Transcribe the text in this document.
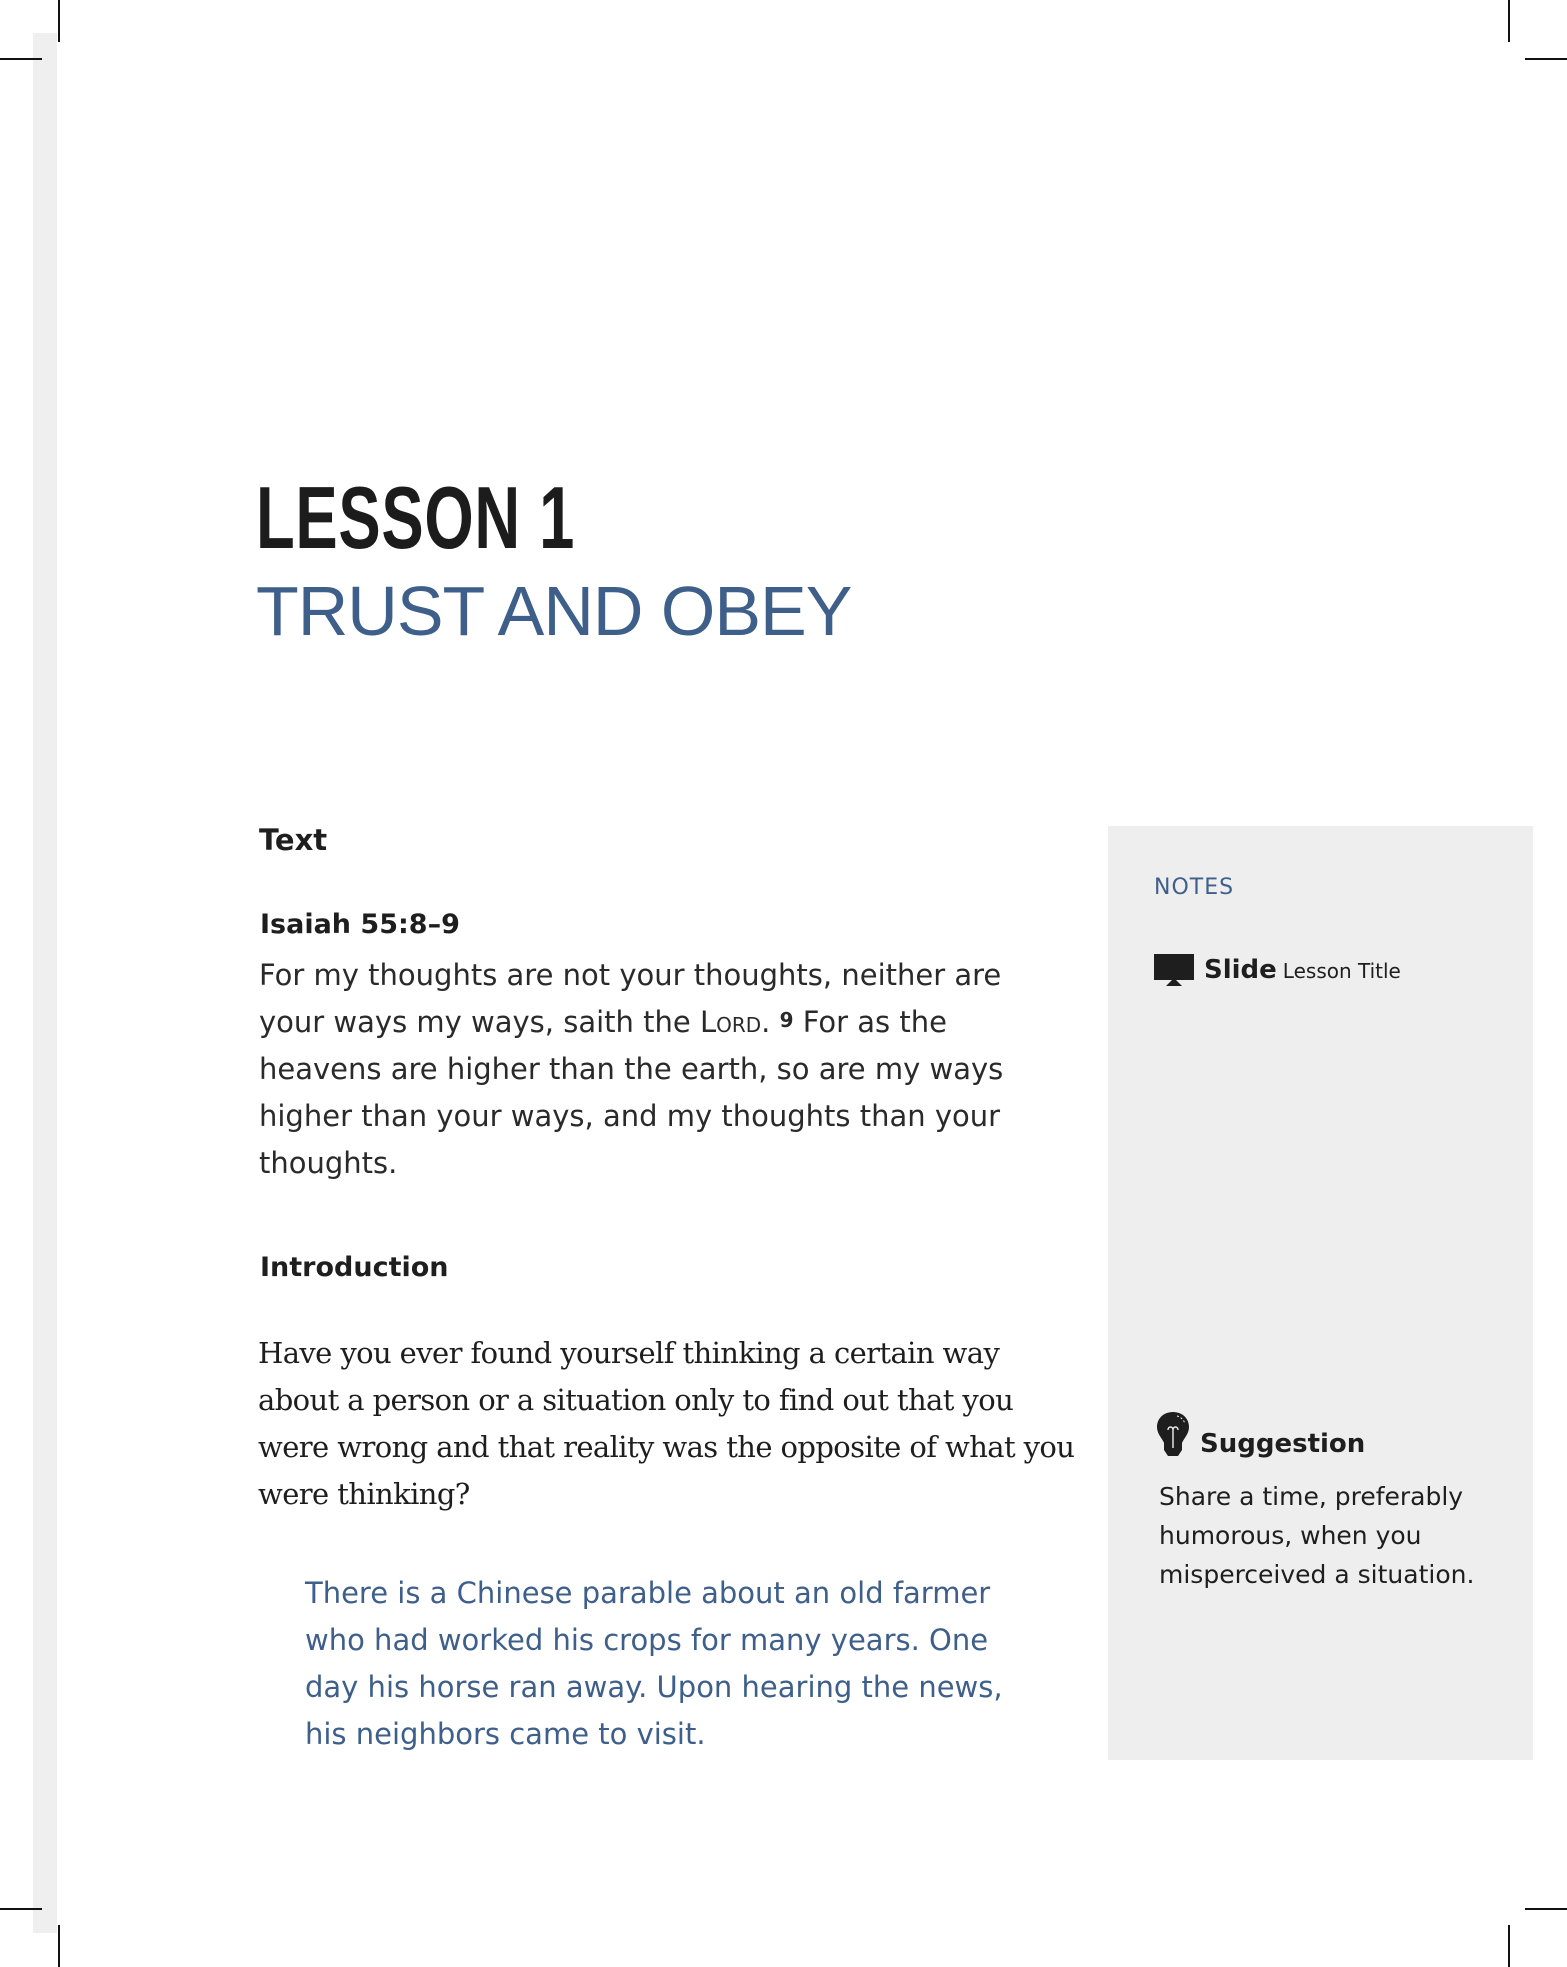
LESSON 1
TRUST AND OBEY
Text
Isaiah 55:8–9
For my thoughts are not your thoughts, neither are your ways my ways, saith the Lord. $^9$ For as the heavens are higher than the earth, so are my ways higher than your ways, and my thoughts than your thoughts.
Introduction
Have you ever found yourself thinking a certain way about a person or a situation only to find out that you were wrong and that reality was the opposite of what you were thinking?
There is a Chinese parable about an old farmer who had worked his crops for many years. One day his horse ran away. Upon hearing the news, his neighbors came to visit.
NOTES
Slide Lesson Title
Suggestion
Share a time, preferably humorous, when you misperceived a situation.
